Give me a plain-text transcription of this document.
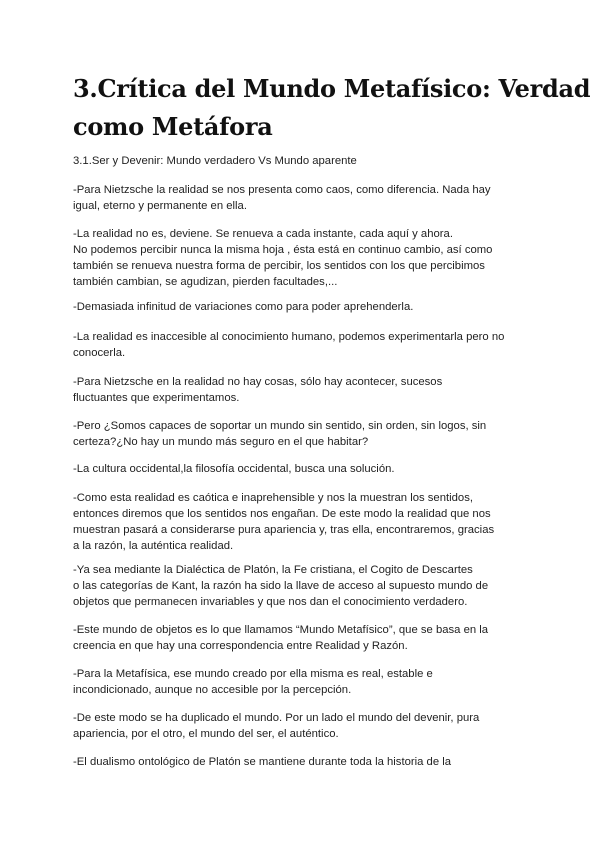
3.Crítica del Mundo Metafísico: Verdad
como Metáfora

3.1.Ser y Devenir: Mundo verdadero Vs Mundo aparente

-Para Nietzsche la realidad se nos presenta como caos, como diferencia. Nada hay
igual, eterno y permanente en ella.

-La realidad no es, deviene. Se renueva a cada instante, cada aquí y ahora.
No podemos percibir nunca la misma hoja , ésta está en continuo cambio, así como
también se renueva nuestra forma de percibir, los sentidos con los que percibimos
también cambian, se agudizan, pierden facultades,...

-Demasiada infinitud de variaciones como para poder aprehenderla.

-La realidad es inaccesible al conocimiento humano, podemos experimentarla pero no
conocerla.

-Para Nietzsche en la realidad no hay cosas, sólo hay acontecer, sucesos
fluctuantes que experimentamos.

-Pero ¿Somos capaces de soportar un mundo sin sentido, sin orden, sin logos, sin
certeza?¿No hay un mundo más seguro en el que habitar?

-La cultura occidental,la filosofía occidental, busca una solución.

-Como esta realidad es caótica e inaprehensible y nos la muestran los sentidos,
entonces diremos que los sentidos nos engañan. De este modo la realidad que nos
muestran pasará a considerarse pura apariencia y, tras ella, encontraremos, gracias
a la razón, la auténtica realidad.

-Ya sea mediante la Dialéctica de Platón, la Fe cristiana, el Cogito de Descartes
o las categorías de Kant, la razón ha sido la llave de acceso al supuesto mundo de
objetos que permanecen invariables y que nos dan el conocimiento verdadero.

-Este mundo de objetos es lo que llamamos “Mundo Metafísico”, que se basa en la
creencia en que hay una correspondencia entre Realidad y Razón.

-Para la Metafísica, ese mundo creado por ella misma es real, estable e
incondicionado, aunque no accesible por la percepción.

-De este modo se ha duplicado el mundo. Por un lado el mundo del devenir, pura
apariencia, por el otro, el mundo del ser, el auténtico.

-El dualismo ontológico de Platón se mantiene durante toda la historia de la
